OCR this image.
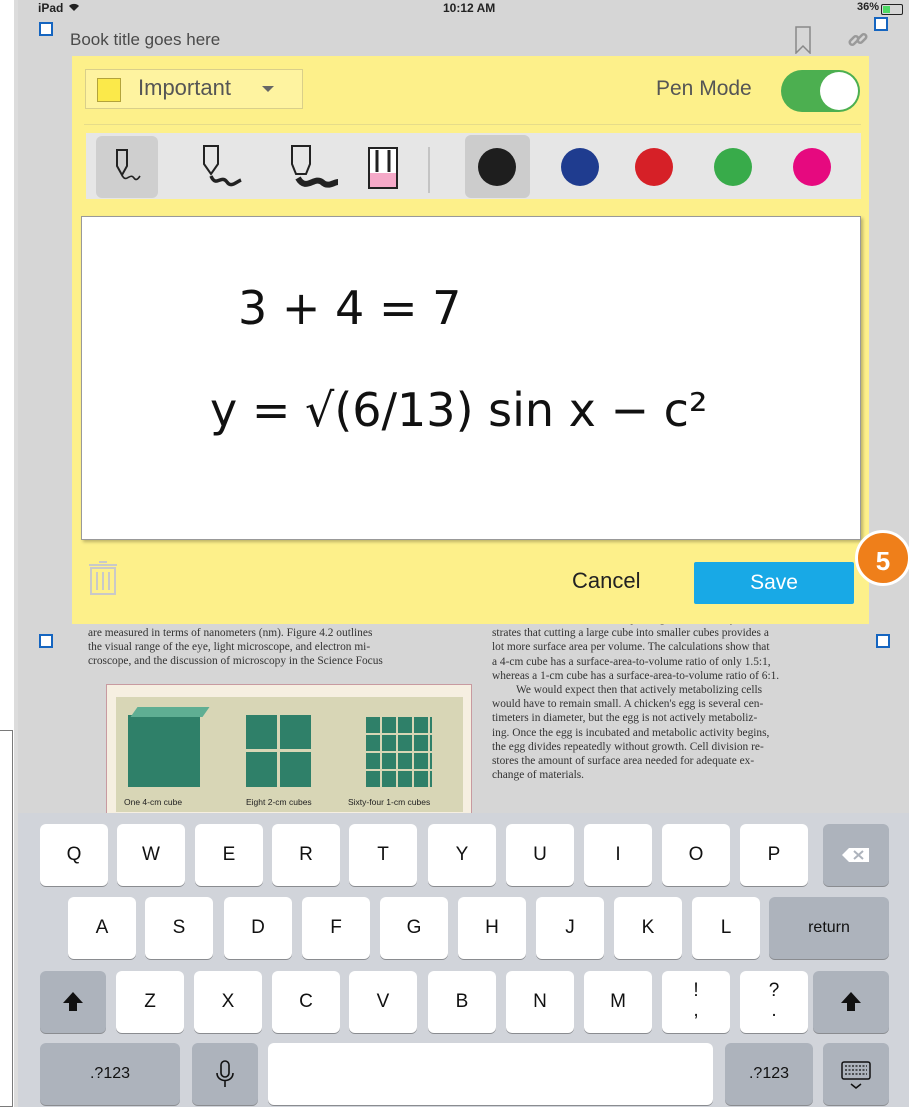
iPad	10:12 AM	36%
Book title goes here
are measured in terms of nanometers (nm). Figure 4.2 outlines
the visual range of the eye, light microscope, and electron mi-
croscope, and the discussion of microscopy in the Science Focus
strates that cutting a large cube into smaller cubes provides a
lot more surface area per volume. The calculations show that
a 4-cm cube has a surface-area-to-volume ratio of only 1.5:1,
whereas a 1-cm cube has a surface-area-to-volume ratio of 6:1.
We would expect then that actively metabolizing cells
would have to remain small. A chicken's egg is several cen-
timeters in diameter, but the egg is not actively metaboliz-
ing. Once the egg is incubated and metabolic activity begins,
the egg divides repeatedly without growth. Cell division re-
stores the amount of surface area needed for adequate ex-
change of materials.
One 4-cm cube	Eight 2-cm cubes	Sixty-four 1-cm cubes
Important	Pen Mode
3 + 4 = 7
y = √(6/13) sin x − c²
Cancel	Save
5
return
.?123	.?123
Q	W	E	R	T	Y	U	I	O	P
A	S	D	F	G	H	J	K	L
Z	X	C	V	B	N	M
!
,
?
.
